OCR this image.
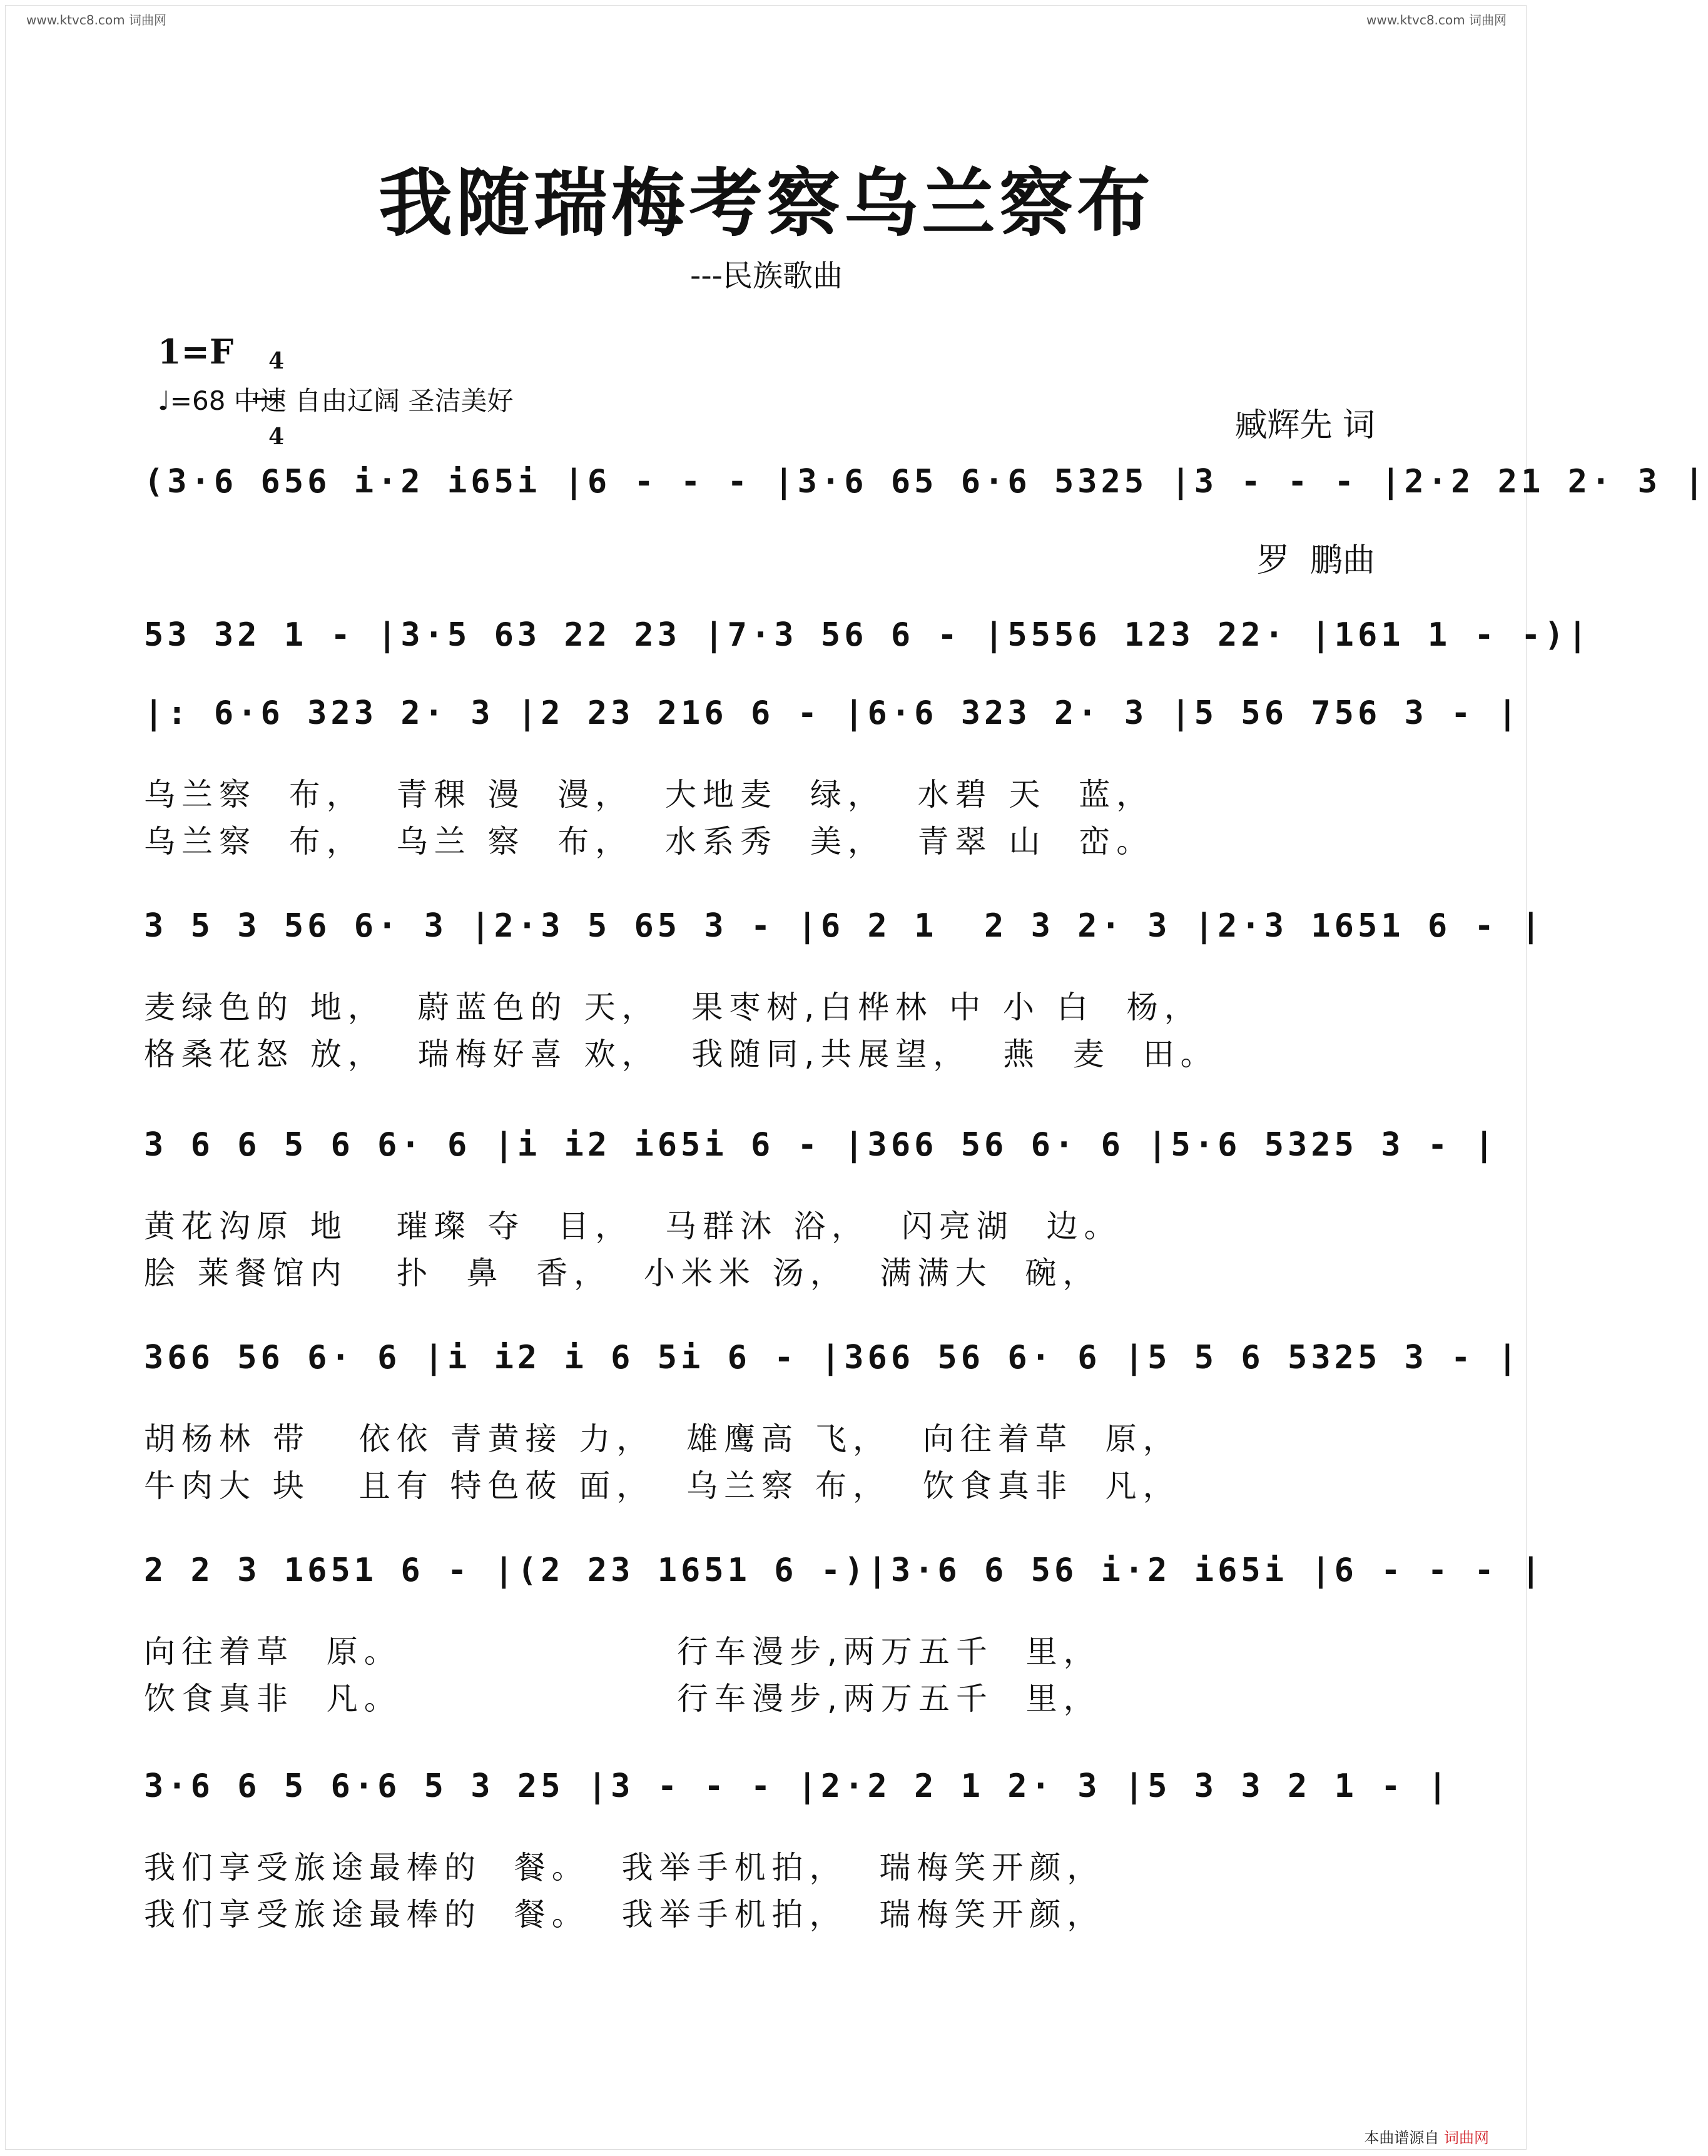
www.ktvc8.com 词曲网	www.ktvc8.com 词曲网
我随瑞梅考察乌兰察布
---民族歌曲
1=F	4

4

♩=68 中速 自由辽阔 圣洁美好

臧辉先 词

罗  鹏曲

(3·6 656 i·2 i65i |6 - - - |3·6 65 6·6 5325 |3 - - - |2·2 21 2· 3 |
53 32 1 - |3·5 63 22 23 |7·3 56 6 - |5556 123 22· |161 1 - -)|
|: 6·6 323 2· 3 |2 23 216 6 - |6·6 323 2· 3 |5 56 756 3 - |
乌兰察  布，  青稞 漫  漫，  大地麦  绿，  水碧 天  蓝，
乌兰察  布，  乌兰 察  布，  水系秀  美，  青翠 山  峦。
3 5 3 56 6· 3 |2·3 5 65 3 - |6 2 1  2 3 2· 3 |2·3 1651 6 - |
麦绿色的 地，  蔚蓝色的 天，  果枣树,白桦林 中 小 白  杨，
格桑花怒 放，  瑞梅好喜 欢，  我随同,共展望，  燕  麦  田。
3 6 6 5 6 6· 6 |i i2 i65i 6 - |366 56 6· 6 |5·6 5325 3 - |
黄花沟原 地   璀璨 夺  目，  马群沐 浴，  闪亮湖  边。
脍 莱餐馆内   扑  鼻  香，  小米米 汤，  满满大  碗，
366 56 6· 6 |i i2 i 6 5i 6 - |366 56 6· 6 |5 5 6 5325 3 - |
胡杨林 带   依依 青黄接 力，  雄鹰高 飞，  向往着草  原，
牛肉大 块   且有 特色莜 面，  乌兰察 布，  饮食真非  凡，
2 2 3 1651 6 - |(2 23 1651 6 -)|3·6 6 56 i·2 i65i |6 - - - |
向往着草  原。                 行车漫步,两万五千  里，
饮食真非  凡。                 行车漫步,两万五千  里，
3·6 6 5 6·6 5 3 25 |3 - - - |2·2 2 1 2· 3 |5 3 3 2 1 - |
我们享受旅途最棒的  餐。  我举手机拍，  瑞梅笑开颜，
我们享受旅途最棒的  餐。  我举手机拍，  瑞梅笑开颜，
本曲谱源自 词曲网
